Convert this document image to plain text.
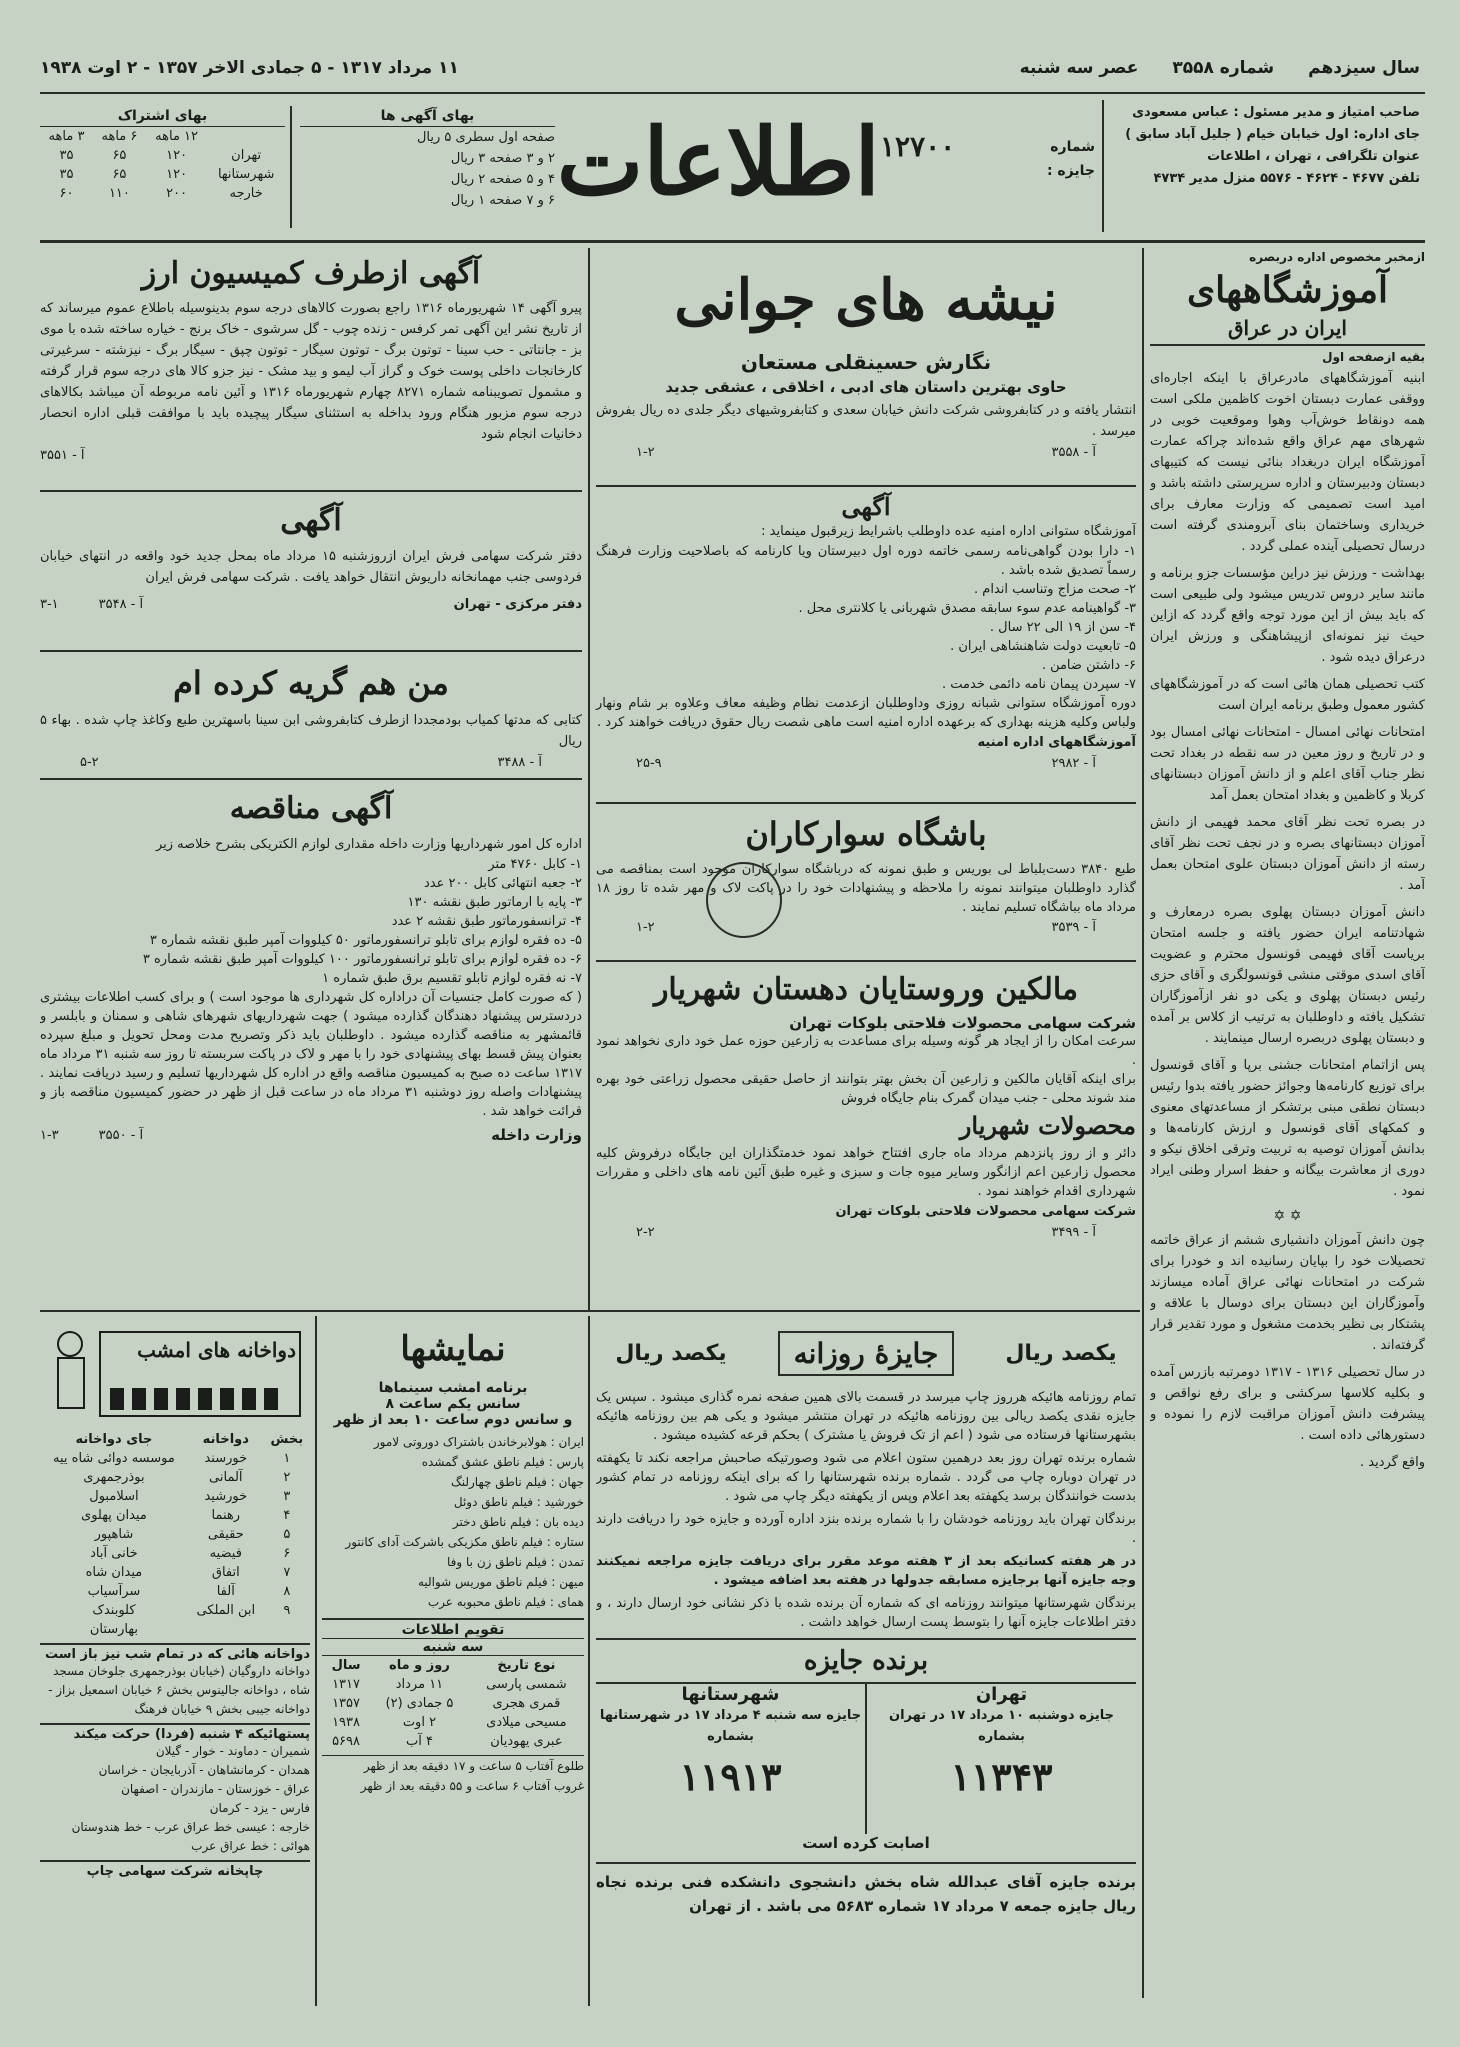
سال سیزدهم
شماره ۳۵۵۸
عصر سه شنبه
۱۱ مرداد ۱۳۱۷ - ۵ جمادی الاخر ۱۳۵۷ - ۲ اوت ۱۹۳۸
صاحب امتیاز و مدیر مسئول : عباس مسعودی
جای اداره: اول خیابان خیام ( جلیل آباد سابق )
عنوان تلگرافی ، تهران ، اطلاعات
تلفن ۴۶۷۷ - ۴۶۲۴ - ۵۵۷۶ منزل مدیر ۴۷۳۴
شماره
۱۲۷۰۰
جایزه :
اطلاعات
بهای آگهی ها
صفحه اول سطری ۵ ریال
۲ و ۳ صفحه ۳ ریال
۴ و ۵ صفحه ۲ ریال
۶ و ۷ صفحه ۱ ریال
بهای اشتراک
	۱۲ ماهه	۶ ماهه	۳ ماهه
تهران	۱۲۰	۶۵	۳۵
شهرستانها	۱۲۰	۶۵	۳۵
خارجه	۲۰۰	۱۱۰	۶۰
ازمخبر مخصوص اداره دربصره
آموزشگاههای
ایران در عراق
بقیه ازصفحه اول

ابنیه آموزشگاههای مادرعراق با اینکه اجاره‌ای ووقفی عمارت دبستان اخوت کاظمین ملکی است همه دونقاط خوش‌آب وهوا وموقعیت خوبی در شهرهای مهم عراق واقع شده‌اند چراکه عمارت آموزشگاه ایران دربغداد بنائی نیست که کتیبهای دبستان ودبیرستان و اداره سرپرستی داشته باشد و امید است تصمیمی که وزارت معارف برای خریداری وساختمان بنای آبرومندی گرفته است درسال تحصیلی آینده عملی گردد .

بهداشت - ورزش نیز دراین مؤسسات جزو برنامه و مانند سایر دروس تدریس میشود ولی طبیعی است که باید بیش از این مورد توجه واقع گردد که ازاین حیث نیز نمونه‌ای ازپیشاهنگی و ورزش ایران درعراق دیده شود .

کتب تحصیلی همان هائی است که در آموزشگاههای کشور معمول وطبق برنامه ایران است

امتحانات نهائی امسال - امتحانات نهائی امسال بود و در تاریخ و روز معین در سه نقطه در بغداد تحت نظر جناب آقای اعلم و از دانش آموزان دبستانهای کربلا و کاظمین و بغداد امتحان بعمل آمد

در بصره تحت نظر آقای محمد فهیمی از دانش آموزان دبستانهای بصره و در نجف تحت نظر آقای رسته از دانش آموزان دبستان علوی امتحان بعمل آمد .

دانش آموزان دبستان پهلوی بصره درمعارف و شهادتنامه ایران حضور یافته و جلسه امتحان بریاست آقای فهیمی قونسول محترم و عضویت آقای اسدی موقتی منشی قونسولگری و آقای حزی رئیس دبستان پهلوی و یکی دو نفر ازآموزگاران تشکیل یافته و داوطلبان به ترتیب از کلاس بر آمده و دبستان پهلوی دربصره ارسال مینمایند .

پس ازاتمام امتحانات جشنی برپا و آقای قونسول برای توزیع کارنامه‌ها وجوائز حضور یافته بدوا رئیس دبستان نطقی مبنی برتشکر از مساعدتهای معنوی و کمکهای آقای قونسول و ارزش کارنامه‌ها و بدانش آموزان توصیه به تربیت وترقی اخلاق نیکو و دوری از معاشرت بیگانه و حفظ اسرار وطنی ایراد نمود .

✡ ✡

چون دانش آموزان دانشیاری ششم از عراق خاتمه تحصیلات خود را بپایان رسانیده اند و خودرا برای شرکت در امتحانات نهائی عراق آماده میسازند وآموزگاران این دبستان برای دوسال با علاقه و پشتکار بی نظیر بخدمت مشغول و مورد تقدیر قرار گرفته‌اند .

در سال تحصیلی ۱۳۱۶ - ۱۳۱۷ دومرتبه بازرس آمده و بکلیه کلاسها سرکشی و برای رفع نواقص و پیشرفت دانش آموزان مراقبت لازم را نموده و دستورهائی داده است .

واقع گردید .

نیشه های جوانی
نگارش حسینقلی مستعان
حاوی بهترین داستان های ادبی ، اخلاقی ، عشقی جدید
انتشار یافته و در کتابفروشی شرکت دانش خیابان سعدی و کتابفروشیهای دیگر جلدی ده ریال بفروش میرسد .
آ - ۳۵۵۸
۱-۲
آگهی
آموزشگاه ستوانی اداره امنیه عده داوطلب باشرایط زیرقبول مینماید :
۱- دارا بودن گواهی‌نامه رسمی خاتمه دوره اول دبیرستان ویا کارنامه که باصلاحیت وزارت فرهنگ رسماً تصدیق شده باشد .
۲- صحت مزاج وتناسب اندام .
۳- گواهینامه عدم سوء سابقه مصدق شهربانی یا کلانتری محل .
۴- سن از ۱۹ الی ۲۲ سال .
۵- تابعیت دولت شاهنشاهی ایران .
۶- داشتن ضامن .
۷- سپردن پیمان نامه دائمی خدمت .
دوره آموزشگاه ستوانی شبانه روزی وداوطلبان ازعدمت نظام وظیفه معاف وعلاوه بر شام ونهار ولباس وکلیه هزینه بهداری که برعهده اداره امنیه است ماهی شصت ریال حقوق دریافت خواهند کرد .
آموزشگاههای اداره امنیه
آ - ۲۹۸۲
۲۵-۹
باشگاه سوارکاران
طبع ۳۸۴۰ دست‌بلباط لی بوریس و طبق نمونه که درباشگاه سوارکاران موجود است بمناقصه می گذارد داوطلبان میتوانند نمونه را ملاحظه و پیشنهادات خود را در پاکت لاک و مهر شده تا روز ۱۸ مرداد ماه بباشگاه تسلیم نمایند .
آ - ۳۵۳۹
۱-۲
مالکین وروستایان دهستان شهریار
شرکت سهامی محصولات فلاحتی بلوکات تهران
سرعت امکان را از ایجاد هر گونه وسیله برای مساعدت به زارعین حوزه عمل خود داری نخواهد نمود .
برای اینکه آقایان مالکین و زارعین آن بخش بهتر بتوانند از حاصل حقیقی محصول زراعتی خود بهره مند شوند محلی - جنب میدان گمرک بنام جایگاه فروش
محصولات شهریار
دائر و از روز پانزدهم مرداد ماه جاری افتتاح خواهد نمود خدمتگذاران این جایگاه درفروش کلیه محصول زارعین اعم ازانگور وسایر میوه جات و سبزی و غیره طبق آئین نامه هاى داخلى و مقررات شهردارى اقدام خواهند نمود .
شرکت سهامی محصولات فلاحتی بلوکات تهران
آ - ۳۴۹۹
۲-۲
آگهی ازطرف کمیسیون ارز
پیرو آگهی ۱۴ شهریورماه ۱۳۱۶ راجع بصورت کالاهای درجه سوم بدینوسیله باطلاع عموم میرساند که از تاریخ نشر این آگهی تمر کرفس - زنده چوب - گل سرشوی - خاک برنج - خیاره ساخته شده با موی بز - جانتاتی - حب سینا - توتون برگ - توتون سیگار - توتون چپق - سیگار برگ - نیزشته - سرغیرتی کارخانجات داخلی پوست خوک و گراز آب لیمو و بید مشک - نیز جزو کالا های درجه سوم قرار گرفته و مشمول تصویبنامه شماره ۸۲۷۱ چهارم شهریورماه ۱۳۱۶ و آئین نامه مربوطه آن میباشد بکالاهای درجه سوم مزبور هنگام ورود بداخله به استثنای سیگار پیچیده باید با موافقت قبلی اداره انحصار دخانیات انجام شود
آ - ۳۵۵۱
آگهی
دفتر شرکت سهامی فرش ایران ازروزشنبه ۱۵ مرداد ماه بمحل جدید خود واقعه در انتهای خیابان فردوسی جنب مهمانخانه داریوش انتقال خواهد یافت . شرکت سهامی فرش ایران
دفتر مرکزی - تهران
آ - ۳۵۴۸
۳-۱
من هم گریه کرده ام
کتابی که مدتها کمیاب بودمجددا ازطرف کتابفروشی ابن سینا باسهترین طبع وکاغذ چاپ شده . بهاء ۵ ریال
آ - ۳۴۸۸
۵-۲
آگهی مناقصه
اداره کل امور شهرداریها وزارت داخله مقداری لوازم الکتریکی بشرح خلاصه زیر
۱- کابل ۴۷۶۰ متر
۲- جعبه انتهائی کابل ۲۰۰ عدد
۳- پایه با ارماتور طبق نقشه ۱۳۰
۴- ترانسفورماتور طبق نقشه ۲ عدد
۵- ده فقره لوازم برای تابلو ترانسفورماتور ۵۰ کیلووات آمپر طبق نقشه شماره ۳
۶- ده فقره لوازم برای تابلو ترانسفورماتور ۱۰۰ کیلووات آمپر طبق نقشه شماره ۳
۷- نه فقره لوازم تابلو تقسیم برق طبق شماره ۱
( که صورت کامل جنسیات آن دراداره کل شهرداری ها موجود است ) و برای کسب اطلاعات بیشتری دردسترس پیشنهاد دهندگان گذارده میشود ) جهت شهرداریهای شهرهای شاهی و سمنان و بابلسر و قائمشهر به مناقصه گذارده میشود . داوطلبان باید ذکر وتصریح مدت ومحل تحویل و مبلغ سپرده بعنوان پیش قسط بهای پیشنهادی خود را با مهر و لاک در پاکت سربسته تا روز سه شنبه ۳۱ مرداد ماه ۱۳۱۷ ساعت ده صبح به کمیسیون مناقصه واقع در اداره کل شهرداریها تسلیم و رسید دریافت نمایند . پیشنهادات واصله روز دوشنبه ۳۱ مرداد ماه در ساعت قبل از ظهر در حضور کمیسیون مناقصه باز و قرائت خواهد شد .
وزارت داخله
آ - ۳۵۵۰
۱-۳
یکصد ریال
جایزۀ روزانه
یکصد ریال
تمام روزنامه هائیکه هرروز چاپ میرسد در قسمت بالای همین صفحه نمره گذاری میشود . سپس یک جایزه نقدی یکصد ریالی بین روزنامه هائیکه در تهران منتشر میشود و یکی هم بین روزنامه هائیکه بشهرستانها فرستاده می شود ( اعم از تک فروش یا مشترک ) بحکم قرعه کشیده میشود .
شماره برنده تهران روز بعد درهمین ستون اعلام می شود وصورتیکه صاحبش مراجعه نکند تا یکهفته در تهران دوباره چاپ می گردد . شماره برنده شهرستانها را که برای اینکه روزنامه در تمام کشور بدست خوانندگان برسد یکهفته بعد اعلام وپس از یکهفته دیگر چاپ می شود .
برندگان تهران باید روزنامه خودشان را با شماره برنده بنزد اداره آورده و جایزه خود را دریافت دارند .
در هر هفته کسانیکه بعد از ۳ هفته موعد مقرر برای دریافت جایزه مراجعه نمیکنند وجه جایزه آنها برجایزه مسابقه جدولها در هفته بعد اضافه میشود .
برندگان شهرستانها میتوانند روزنامه ای که شماره آن برنده شده با ذکر نشانی خود ارسال دارند ، و دفتر اطلاعات جایزه آنها را بتوسط پست ارسال خواهد داشت .
برنده جایزه
تهران
جایزه دوشنبه ۱۰ مرداد ۱۷ در تهران بشماره
۱۱۳۴۳
شهرستانها
جایزه سه شنبه ۴ مرداد ۱۷ در شهرستانها بشماره
۱۱۹۱۳
اصابت کرده است
برنده جایزه آقای عبدالله شاه بخش دانشجوی دانشکده فنی برنده نجاه ریال جایزه جمعه ۷ مرداد ۱۷ شماره ۵۶۸۳ می باشد . از تهران
نمایشها
برنامه امشب سینماها
سانس یکم ساعت ۸
و سانس دوم ساعت ۱۰ بعد از ظهر
ایران : هولابرخاندن باشتراک دوروتی لامور
پارس : فیلم ناطق عشق گمشده
جهان : فیلم ناطق چهارلنگ
خورشید : فیلم ناطق دوئل
دیده بان : فیلم ناطق دختر
ستاره : فیلم ناطق مکزیکی باشرکت آدای کانتور
تمدن : فیلم ناطق زن با وفا
میهن : فیلم ناطق موریس شوالیه
همای : فیلم ناطق محبوبه عرب
تقویم اطلاعات
سه شنبه
نوع تاریخ	روز و ماه	سال
شمسی پارسی	۱۱ مرداد	۱۳۱۷
قمری هجری	۵ جمادی (۲)	۱۳۵۷
مسیحی میلادی	۲ اوت	۱۹۳۸
عبری یهودیان	۴ آب	۵۶۹۸
طلوع آفتاب ۵ ساعت و ۱۷ دقیقه بعد از ظهر
غروب آفتاب ۶ ساعت و ۵۵ دقیقه بعد از ظهر
دواخانه های امشب
بخش	دواخانه	جای دواخانه
۱	خورسند	موسسه دوائی شاه‌ ییه
۲	آلمانی	بوذرجمهری
۳	خورشید	اسلامبول
۴	رهنما	میدان پهلوی
۵	حقیقی	شاهپور
۶	فیضیه	خانی آباد
۷	اتفاق	میدان شاه
۸	آلفا	سرآسیاب
۹	ابن الملکی	کلوبندک
		بهارستان
دواخانه هائی که در تمام شب نیز باز است
دواخانه داروگیان (خیابان بوذرجمهری جلوخان مسجد شاه ، دواخانه جالینوس بخش ۶ خیابان اسمعیل بزاز - دواخانه جیبی بخش ۹ خیابان فرهنگ
پستهائیکه ۴ شنبه (فردا) حرکت میکند
شمیران - دماوند - خوار - گیلان
همدان - کرمانشاهان - آذربایجان - خراسان
عراق - خوزستان - مازندران - اصفهان
فارس - یزد - کرمان
خارجه : عیسی خط عراق عرب - خط هندوستان
هوائی : خط عراق عرب
چاپخانه شرکت سهامی چاپ
